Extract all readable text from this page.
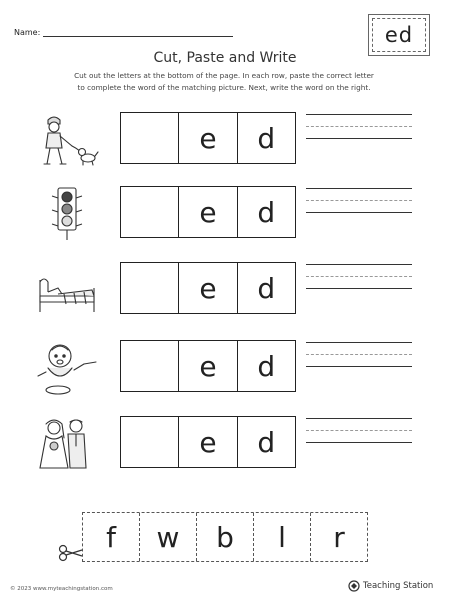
Name:	ed
Cut, Paste and Write
Cut out the letters at the bottom of the page. In each row, paste the correct letter
to complete the word of the matching picture. Next, write the word on the right.
e	d
e	d
e	d
e	d
e	d
f	w	b	l	r
© 2023 www.myteachingstation.com	Teaching Station
